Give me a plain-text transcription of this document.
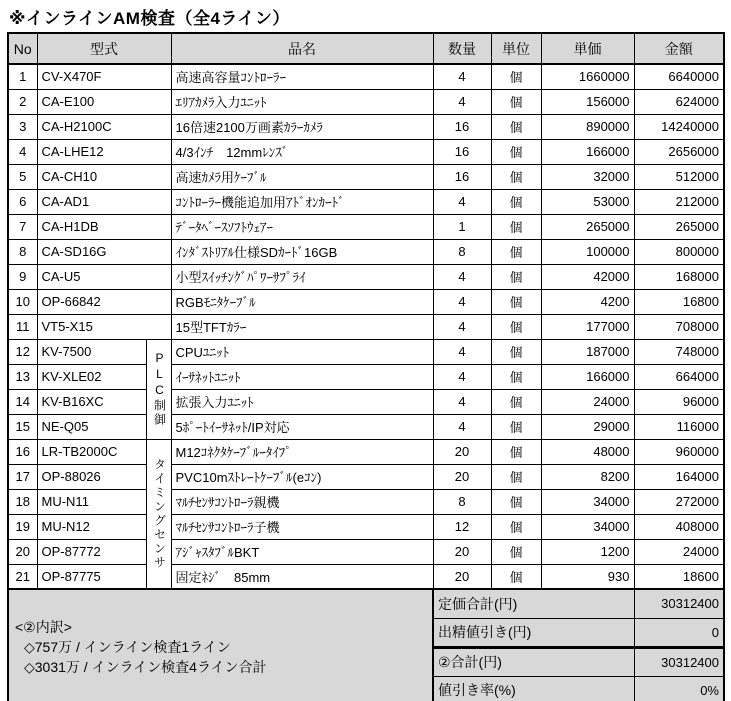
※インラインAM検査（全4ライン）
No	型式		品名	数量	単位	単価	金額
1	CV-X470F		高速高容量ｺﾝﾄﾛｰﾗｰ	4	個	1660000	6640000
2	CA-E100		ｴﾘｱｶﾒﾗ入力ﾕﾆｯﾄ	4	個	156000	624000
3	CA-H2100C		16倍速2100万画素ｶﾗｰｶﾒﾗ	16	個	890000	14240000
4	CA-LHE12		4/3ｲﾝﾁ　12mmﾚﾝｽﾞ	16	個	166000	2656000
5	CA-CH10		高速ｶﾒﾗ用ｹｰﾌﾞﾙ	16	個	32000	512000
6	CA-AD1		ｺﾝﾄﾛｰﾗｰ機能追加用ｱﾄﾞｵﾝｶｰﾄﾞ	4	個	53000	212000
7	CA-H1DB		ﾃﾞｰﾀﾍﾞｰｽｿﾌﾄｳｪｱｰ	1	個	265000	265000
8	CA-SD16G		ｲﾝﾀﾞｽﾄﾘｱﾙ仕様SDｶｰﾄﾞ16GB	8	個	100000	800000
9	CA-U5		小型ｽｲｯﾁﾝｸﾞﾊﾟﾜｰｻﾌﾟﾗｲ	4	個	42000	168000
10	OP-66842		RGBﾓﾆﾀｹｰﾌﾞﾙ	4	個	4200	16800
11	VT5-X15		15型TFTｶﾗｰ	4	個	177000	708000
12	KV-7500	PLC制御	CPUﾕﾆｯﾄ	4	個	187000	748000
13	KV-XLE02		ｲｰｻﾈｯﾄﾕﾆｯﾄ	4	個	166000	664000
14	KV-B16XC		拡張入力ﾕﾆｯﾄ	4	個	24000	96000
15	NE-Q05		5ﾎﾟｰﾄｲｰｻﾈｯﾄ/IP対応	4	個	29000	116000
16	LR-TB2000C	タイミングセンサ	M12ｺﾈｸﾀｹｰﾌﾞﾙｰﾀｲﾌﾟ	20	個	48000	960000
17	OP-88026		PVC10mｽﾄﾚｰﾄｹｰﾌﾞﾙ(eｺﾝ)	20	個	8200	164000
18	MU-N11		ﾏﾙﾁｾﾝｻｺﾝﾄﾛｰﾗ親機	8	個	34000	272000
19	MU-N12		ﾏﾙﾁｾﾝｻｺﾝﾄﾛｰﾗ子機	12	個	34000	408000
20	OP-87772		ｱｼﾞｬｽﾀﾌﾞﾙBKT	20	個	1200	24000
21	OP-87775		固定ﾈｼﾞ　85mm	20	個	930	18600

<②内訳>
◇757万 / インライン検査1ライン
◇3031万 / インライン検査4ライン合計				定価合計(円)			30312400
				出精値引き(円)			0
				②合計(円)			30312400
				値引き率(%)			0%
